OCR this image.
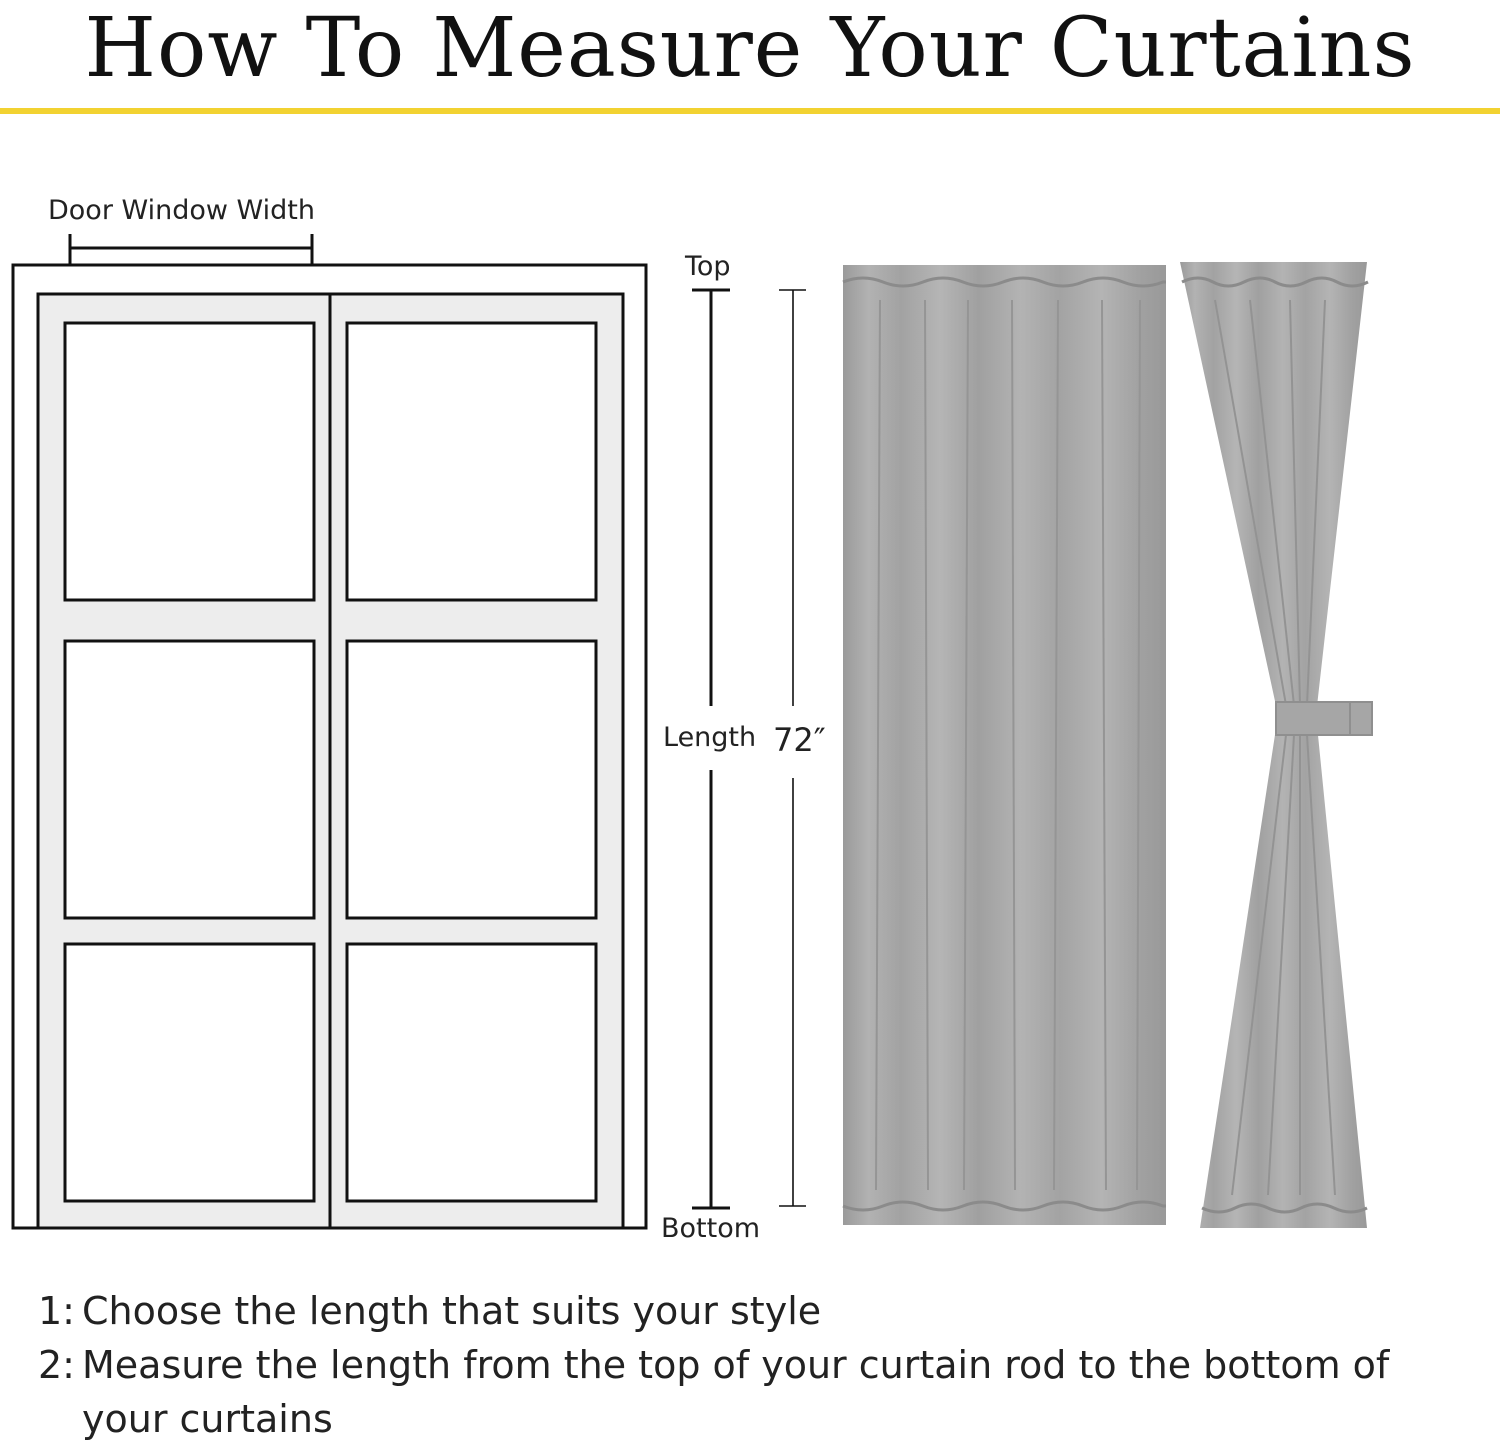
How To Measure Your Curtains
Door Window Width
Top
Length 72″
Bottom
1: Choose the length that suits your style
2: Measure the length from the top of your curtain rod to the bottom of your curtains
